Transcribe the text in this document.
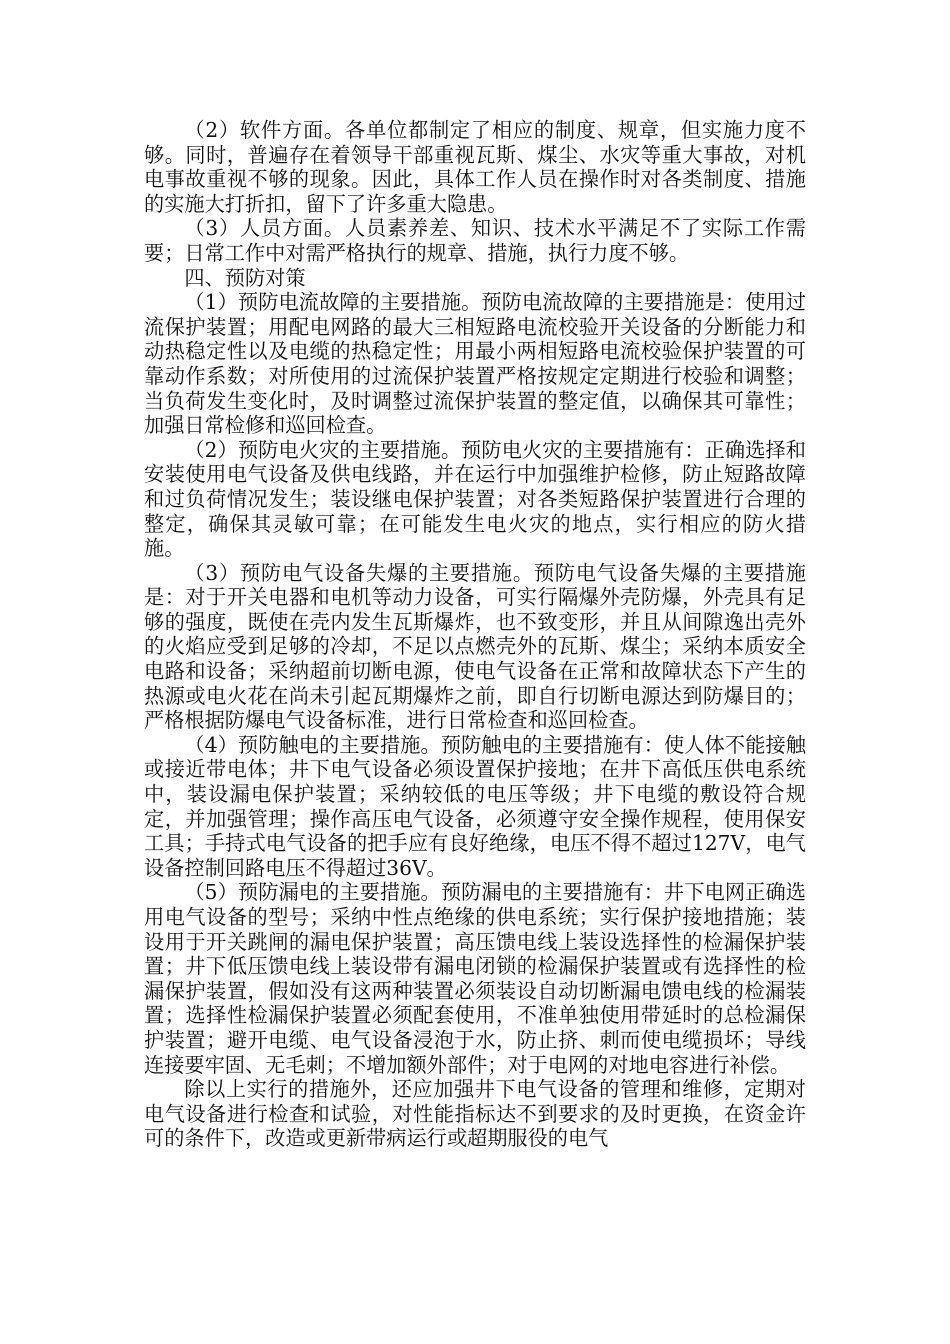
（2）软件方面。各单位都制定了相应的制度、规章，但实施力度不够。同时，普遍存在着领导干部重视瓦斯、煤尘、水灾等重大事故，对机电事故重视不够的现象。因此，具体工作人员在操作时对各类制度、措施的实施大打折扣，留下了许多重大隐患。

（3）人员方面。人员素养差、知识、技术水平满足不了实际工作需要；日常工作中对需严格执行的规章、措施，执行力度不够。

四、预防对策

（1）预防电流故障的主要措施。预防电流故障的主要措施是：使用过流保护装置；用配电网路的最大三相短路电流校验开关设备的分断能力和动热稳定性以及电缆的热稳定性；用最小两相短路电流校验保护装置的可靠动作系数；对所使用的过流保护装置严格按规定定期进行校验和调整；当负荷发生变化时，及时调整过流保护装置的整定值，以确保其可靠性；加强日常检修和巡回检查。

（2）预防电火灾的主要措施。预防电火灾的主要措施有：正确选择和安装使用电气设备及供电线路，并在运行中加强维护检修，防止短路故障和过负荷情况发生；装设继电保护装置；对各类短路保护装置进行合理的整定，确保其灵敏可靠；在可能发生电火灾的地点，实行相应的防火措施。

（3）预防电气设备失爆的主要措施。预防电气设备失爆的主要措施是：对于开关电器和电机等动力设备，可实行隔爆外壳防爆，外壳具有足够的强度，既使在壳内发生瓦斯爆炸，也不致变形，并且从间隙逸出壳外的火焰应受到足够的冷却，不足以点燃壳外的瓦斯、煤尘；采纳本质安全电路和设备；采纳超前切断电源，使电气设备在正常和故障状态下产生的热源或电火花在尚未引起瓦期爆炸之前，即自行切断电源达到防爆目的；严格根据防爆电气设备标准，进行日常检查和巡回检查。

（4）预防触电的主要措施。预防触电的主要措施有：使人体不能接触或接近带电体；井下电气设备必须设置保护接地；在井下高低压供电系统中，装设漏电保护装置；采纳较低的电压等级；井下电缆的敷设符合规定，并加强管理；操作高压电气设备，必须遵守安全操作规程，使用保安工具；手持式电气设备的把手应有良好绝缘，电压不得不超过127V，电气设备控制回路电压不得超过36V。

（5）预防漏电的主要措施。预防漏电的主要措施有：井下电网正确选用电气设备的型号；采纳中性点绝缘的供电系统；实行保护接地措施；装设用于开关跳闸的漏电保护装置；高压馈电线上装设选择性的检漏保护装置；井下低压馈电线上装设带有漏电闭锁的检漏保护装置或有选择性的检漏保护装置，假如没有这两种装置必须装设自动切断漏电馈电线的检漏装置；选择性检漏保护装置必须配套使用，不准单独使用带延时的总检漏保护装置；避开电缆、电气设备浸泡于水，防止挤、刺而使电缆损坏；导线连接要牢固、无毛刺；不增加额外部件；对于电网的对地电容进行补偿。

除以上实行的措施外，还应加强井下电气设备的管理和维修，定期对电气设备进行检查和试验，对性能指标达不到要求的及时更换，在资金许可的条件下，改造或更新带病运行或超期服役的电气
